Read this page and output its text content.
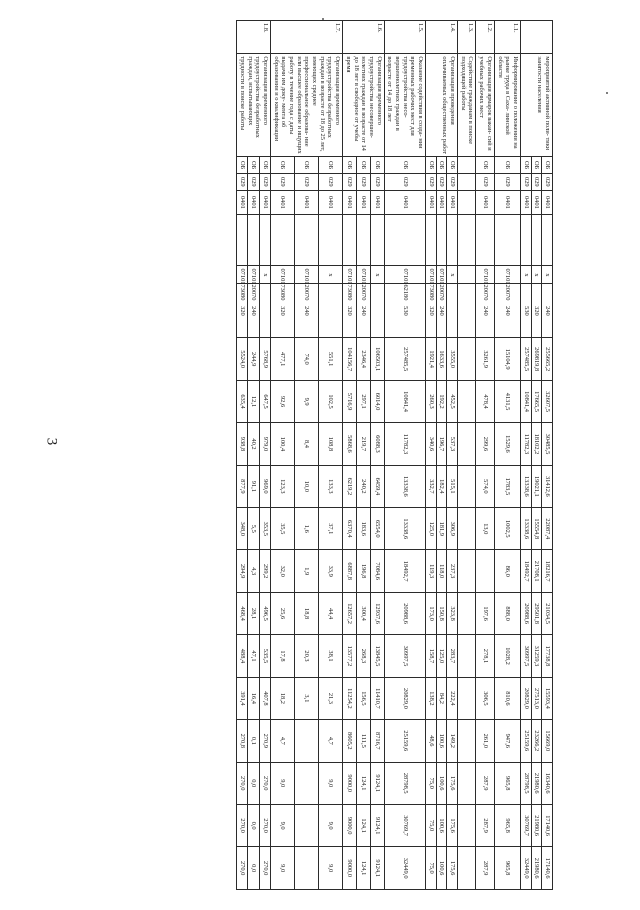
3
	мероприятий активной поли- тики занятости населения	ОБ	029	0401		x	240	255665,2	32607,5	30485,5	31412,6	22087,4	18216,7	21034,5	17738,8	15593,4	15669,0	16340,6	17140,6	17140,6
		ОБ	029	0401		x	320	269819,8	17665,5	18102,2	19021,1	15554,8	21708,1	29501,8	31259,3	27513,0	23266,2	21980,6	21980,6	21980,6
		ОБ	029	0401		x	530	257485,5	10841,4	11782,3	13338,6	13338,6	18492,7	20988,6	30997,5	20829,0	25159,6	28798,5	30769,7	32449,0
1.1.	Информирование о положении на рынке труда в Саха- линской области	ОБ	029	0401		0710120070	240	15104,9	4131,5	1529,6	1783,5	1002,5	86,0	888,0	1028,2	810,6	947,6	965,8	965,8	965,8
1.2.	Организация ярмарок вакан- сий и учебных рабочих мест	ОБ	029	0401		0710120070	240	3261,9	478,4	299,6	574,0	13,0		197,6	278,1	306,5	261,0	287,9	287,9	287,9
1.3.	Содействие гражданам в поиске подходящей работы																			
1.4.	Организация проведения оплачиваемых общественных работ	ОБ	029	0401		x		3555,0	452,5	537,3	515,1	306,9	237,3	323,8	283,7	222,4	149,2	175,6	175,6	175,6
		ОБ	029	0401		0710120070	240	1633,6	192,2	196,7	182,4	181,9	118,0	150,8	125,0	84,2	100,6	100,6	100,6	100,6
		ОБ	029	0401		0710173080	320	1921,4	260,3	340,6	332,7	125,0	119,3	173,0	158,7	138,2	48,6	75,0	75,0	75,0
1.5.	Оказание содействия в созда- нии временных рабочих мест для трудоустройства несо- вершеннолетних граждан в возрасте от 14 до 18 лет	ОБ	029	0401		0710162180	530	257485,5	10841,4	11782,3	13338,6	13338,6	18492,7	20988,6	30997,5	20829,0	25159,6	28798,5	30769,7	32449,0
1.6.	Организация временного трудоустройства несовершен- нолетних граждан в возрасте от 14 до 18 лет в свободное от учебы время	ОБ	029	0401		x		106503,1	6014,0	6088,3	6459,4	6554,0	7084,6	12937,6	13845,5	11410,7	8716,7	9124,1	9124,1	9124,1
		ОБ	029	0401		0710120070	240	2346,4	297,1	219,7	240,2	183,6	196,8	300,4	268,3	156,5	111,5	124,1	124,1	124,1
		ОБ	029	0401		0710173080	320	104156,7	5716,9	5868,6	6219,2	6370,4	6887,8	12657,2	13577,2	11254,2	8605,2	9000,0	9000,0	9000,0
1.7.	Организация временного трудоустройства безработных граждан в возрасте от 18 до 25 лет, имеющих среднее профессиональное образова- ние или высшее образование и ищущих работу в течение года с даты выдачи им доку- мента об образовании и о квалификации	ОБ	029	0401		x		551,1	102,5	108,8	133,3	37,1	33,9	44,4	38,1	21,3	4,7	9,0	9,0	9,0
		ОБ	029	0401		0710120070	240	74,0	9,9	8,4	10,0	1,6	1,9	18,8	20,3	3,1				
		ОБ	029	0401		0710173080	320	477,1	92,6	100,4	123,3	35,5	32,0	25,6	17,8	18,2	4,7	9,0	9,0	9,0
1.8.	Организация временного трудоустройства безработных граждан, испытывающих трудности в поиске работы	ОБ	029	0401		x		5768,9	647,5	979,0	969,0	353,5	299,2	496,5	535,5	407,8	270,9	270,0	270,0	270,0
		ОБ	029	0401		0710120070	240	244,9	12,1	40,2	91,1	5,5	4,3	28,1	47,1	16,4	0,1	0,0	0,0	0,0
		ОБ	029	0401		0710173080	320	5524,0	635,4	938,8	877,9	348,0	294,9	468,4	488,4	391,4	270,8	270,0	270,0	270,0
